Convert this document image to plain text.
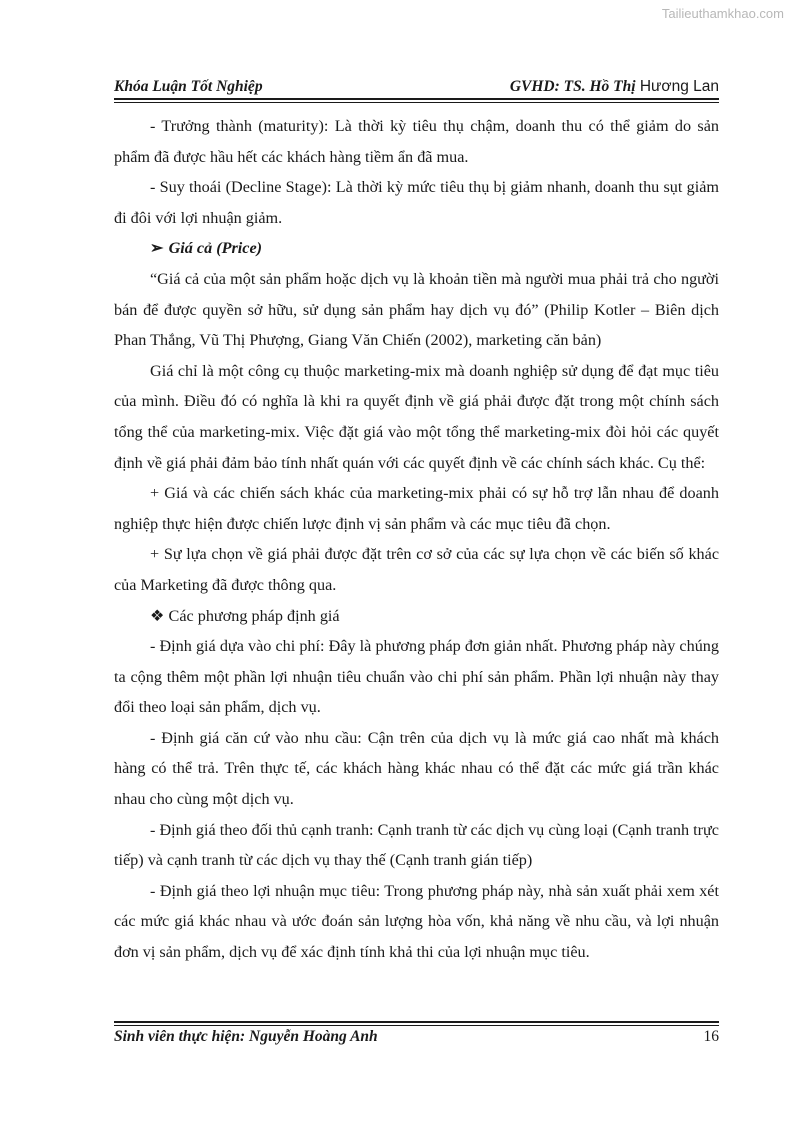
Tailieuthamkhao.com
Khóa Luận Tốt Nghiệp	GVHD: TS. Hồ Thị Hương Lan

- Trưởng thành (maturity): Là thời kỳ tiêu thụ chậm, doanh thu có thể giảm do sản phẩm đã được hầu hết các khách hàng tiềm ẩn đã mua.

- Suy thoái (Decline Stage): Là thời kỳ mức tiêu thụ bị giảm nhanh, doanh thu sụt giảm đi đôi với lợi nhuận giảm.

➢ Giá cả (Price)

“Giá cả của một sản phẩm hoặc dịch vụ là khoản tiền mà người mua phải trả cho người bán để được quyền sở hữu, sử dụng sản phẩm hay dịch vụ đó” (Philip Kotler – Biên dịch Phan Thắng, Vũ Thị Phượng, Giang Văn Chiến (2002), marketing căn bản)

Giá chỉ là một công cụ thuộc marketing-mix mà doanh nghiệp sử dụng để đạt mục tiêu của mình. Điều đó có nghĩa là khi ra quyết định về giá phải được đặt trong một chính sách tổng thể của marketing-mix. Việc đặt giá vào một tổng thể marketing-mix đòi hỏi các quyết định về giá phải đảm bảo tính nhất quán với các quyết định về các chính sách khác. Cụ thể:

+ Giá và các chiến sách khác của marketing-mix phải có sự hỗ trợ lẫn nhau để doanh nghiệp thực hiện được chiến lược định vị sản phẩm và các mục tiêu đã chọn.

+ Sự lựa chọn về giá phải được đặt trên cơ sở của các sự lựa chọn về các biến số khác của Marketing đã được thông qua.

❖ Các phương pháp định giá

- Định giá dựa vào chi phí: Đây là phương pháp đơn giản nhất. Phương pháp này chúng ta cộng thêm một phần lợi nhuận tiêu chuẩn vào chi phí sản phẩm. Phần lợi nhuận này thay đổi theo loại sản phẩm, dịch vụ.

- Định giá căn cứ vào nhu cầu: Cận trên của dịch vụ là mức giá cao nhất mà khách hàng có thể trả. Trên thực tế, các khách hàng khác nhau có thể đặt các mức giá trần khác nhau cho cùng một dịch vụ.

- Định giá theo đối thủ cạnh tranh: Cạnh tranh từ các dịch vụ cùng loại (Cạnh tranh trực tiếp) và cạnh tranh từ các dịch vụ thay thế (Cạnh tranh gián tiếp)

- Định giá theo lợi nhuận mục tiêu: Trong phương pháp này, nhà sản xuất phải xem xét các mức giá khác nhau và ước đoán sản lượng hòa vốn, khả năng về nhu cầu, và lợi nhuận đơn vị sản phẩm, dịch vụ để xác định tính khả thi của lợi nhuận mục tiêu.

Sinh viên thực hiện: Nguyễn Hoàng Anh	16
